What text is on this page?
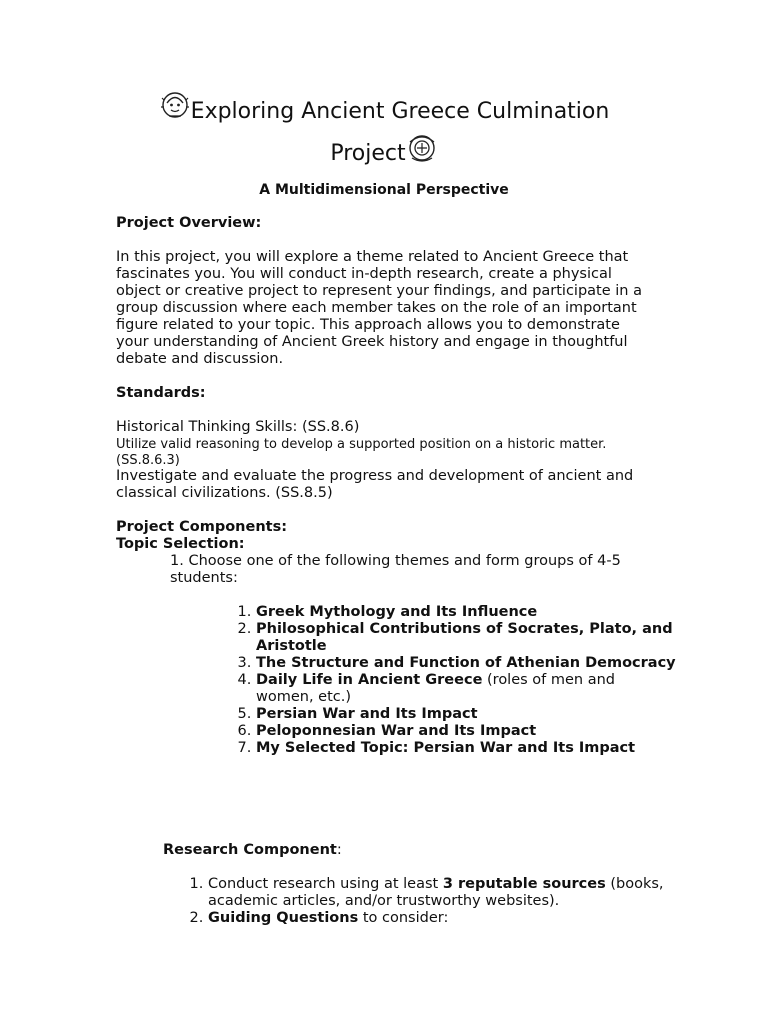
Exploring Ancient Greece Culmination
Project
A Multidimensional Perspective
Project Overview:
In this project, you will explore a theme related to Ancient Greece that fascinates you. You will conduct in-depth research, create a physical object or creative project to represent your findings, and participate in a group discussion where each member takes on the role of an important figure related to your topic. This approach allows you to demonstrate your understanding of Ancient Greek history and engage in thoughtful debate and discussion.
Standards:
Historical Thinking Skills: (SS.8.6)
Utilize valid reasoning to develop a supported position on a historic matter. (SS.8.6.3)
Investigate and evaluate the progress and development of ancient and classical civilizations. (SS.8.5)
Project Components:
Topic Selection:
1. Choose one of the following themes and form groups of 4-5 students:
1. Greek Mythology and Its Influence
2. Philosophical Contributions of Socrates, Plato, and Aristotle
3. The Structure and Function of Athenian Democracy
4. Daily Life in Ancient Greece (roles of men and women, etc.)
5. Persian War and Its Impact
6. Peloponnesian War and Its Impact
7. My Selected Topic: Persian War and Its Impact
Research Component:
1. Conduct research using at least 3 reputable sources (books, academic articles, and/or trustworthy websites).
2. Guiding Questions to consider:
